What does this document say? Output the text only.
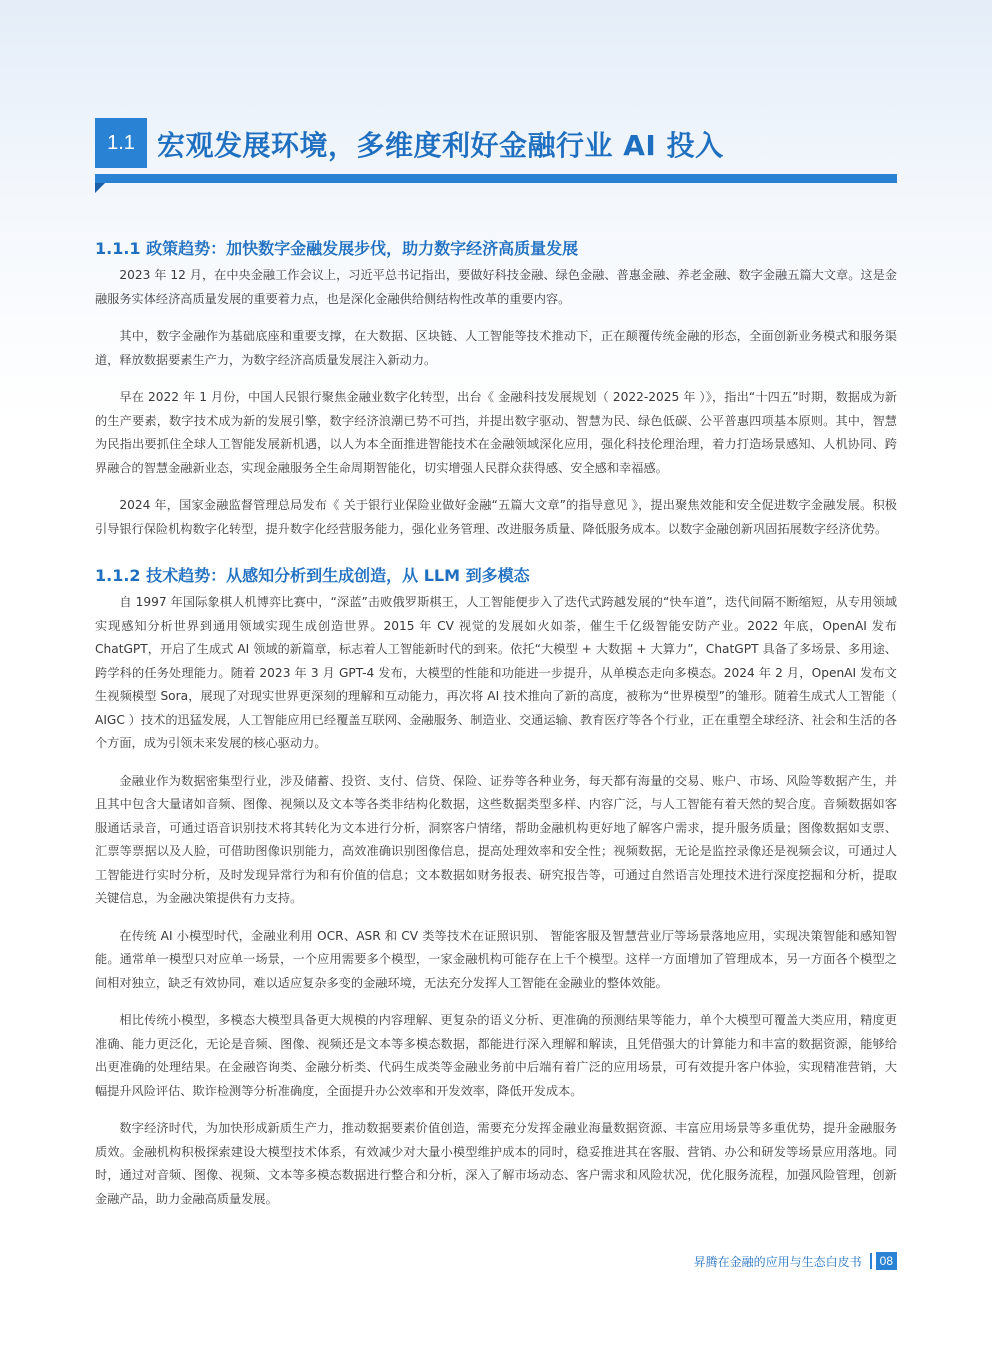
1.1 宏观发展环境，多维度利好金融行业 AI 投入
1.1.1 政策趋势：加快数字金融发展步伐，助力数字经济高质量发展

2023 年 12 月，在中央金融工作会议上，习近平总书记指出，要做好科技金融、绿色金融、普惠金融、养老金融、数字金融五篇大文章。这是金融服务实体经济高质量发展的重要着力点，也是深化金融供给侧结构性改革的重要内容。

其中，数字金融作为基础底座和重要支撑，在大数据、区块链、人工智能等技术推动下，正在颠覆传统金融的形态，全面创新业务模式和服务渠道，释放数据要素生产力，为数字经济高质量发展注入新动力。

早在 2022 年 1 月份，中国人民银行聚焦金融业数字化转型，出台《 金融科技发展规划（ 2022-2025 年 ）》，指出“十四五”时期，数据成为新的生产要素，数字技术成为新的发展引擎，数字经济浪潮已势不可挡，并提出数字驱动、智慧为民、绿色低碳、公平普惠四项基本原则。其中，智慧为民指出要抓住全球人工智能发展新机遇，以人为本全面推进智能技术在金融领域深化应用，强化科技伦理治理，着力打造场景感知、人机协同、跨界融合的智慧金融新业态，实现金融服务全生命周期智能化，切实增强人民群众获得感、安全感和幸福感。

2024 年，国家金融监督管理总局发布《 关于银行业保险业做好金融“五篇大文章”的指导意见 》，提出聚焦效能和安全促进数字金融发展。积极引导银行保险机构数字化转型，提升数字化经营服务能力，强化业务管理、改进服务质量、降低服务成本。以数字金融创新巩固拓展数字经济优势。

1.1.2 技术趋势：从感知分析到生成创造，从 LLM 到多模态

自 1997 年国际象棋人机博弈比赛中，“深蓝”击败俄罗斯棋王，人工智能便步入了迭代式跨越发展的“快车道”，迭代间隔不断缩短，从专用领域实现感知分析世界到通用领域实现生成创造世界。2015 年 CV 视觉的发展如火如荼，催生千亿级智能安防产业。2022 年底，OpenAI 发布 ChatGPT，开启了生成式 AI 领域的新篇章，标志着人工智能新时代的到来。依托“大模型 + 大数据 + 大算力”，ChatGPT 具备了多场景、多用途、跨学科的任务处理能力。随着 2023 年 3 月 GPT-4 发布，大模型的性能和功能进一步提升，从单模态走向多模态。2024 年 2 月，OpenAI 发布文生视频模型 Sora，展现了对现实世界更深刻的理解和互动能力，再次将 AI 技术推向了新的高度，被称为“世界模型”的雏形。随着生成式人工智能（ AIGC ）技术的迅猛发展，人工智能应用已经覆盖互联网、金融服务、制造业、交通运输、教育医疗等各个行业，正在重塑全球经济、社会和生活的各个方面，成为引领未来发展的核心驱动力。

金融业作为数据密集型行业，涉及储蓄、投资、支付、信贷、保险、证券等各种业务，每天都有海量的交易、账户、市场、风险等数据产生，并且其中包含大量诸如音频、图像、视频以及文本等各类非结构化数据，这些数据类型多样、内容广泛，与人工智能有着天然的契合度。音频数据如客服通话录音，可通过语音识别技术将其转化为文本进行分析，洞察客户情绪，帮助金融机构更好地了解客户需求，提升服务质量；图像数据如支票、汇票等票据以及人脸，可借助图像识别能力，高效准确识别图像信息，提高处理效率和安全性；视频数据，无论是监控录像还是视频会议，可通过人工智能进行实时分析，及时发现异常行为和有价值的信息；文本数据如财务报表、研究报告等，可通过自然语言处理技术进行深度挖掘和分析，提取关键信息，为金融决策提供有力支持。

在传统 AI 小模型时代，金融业利用 OCR、ASR 和 CV 类等技术在证照识别、 智能客服及智慧营业厅等场景落地应用，实现决策智能和感知智能。通常单一模型只对应单一场景，一个应用需要多个模型，一家金融机构可能存在上千个模型。这样一方面增加了管理成本，另一方面各个模型之间相对独立，缺乏有效协同，难以适应复杂多变的金融环境，无法充分发挥人工智能在金融业的整体效能。

相比传统小模型，多模态大模型具备更大规模的内容理解、更复杂的语义分析、更准确的预测结果等能力，单个大模型可覆盖大类应用，精度更准确、能力更泛化，无论是音频、图像、视频还是文本等多模态数据，都能进行深入理解和解读，且凭借强大的计算能力和丰富的数据资源，能够给出更准确的处理结果。在金融咨询类、金融分析类、代码生成类等金融业务前中后端有着广泛的应用场景，可有效提升客户体验，实现精准营销，大幅提升风险评估、欺诈检测等分析准确度，全面提升办公效率和开发效率，降低开发成本。

数字经济时代，为加快形成新质生产力，推动数据要素价值创造，需要充分发挥金融业海量数据资源、丰富应用场景等多重优势，提升金融服务质效。金融机构积极探索建设大模型技术体系，有效减少对大量小模型维护成本的同时，稳妥推进其在客服、营销、办公和研发等场景应用落地。同时，通过对音频、图像、视频、文本等多模态数据进行整合和分析，深入了解市场动态、客户需求和风险状况，优化服务流程，加强风险管理，创新金融产品，助力金融高质量发展。

昇腾在金融的应用与生态白皮书	08
